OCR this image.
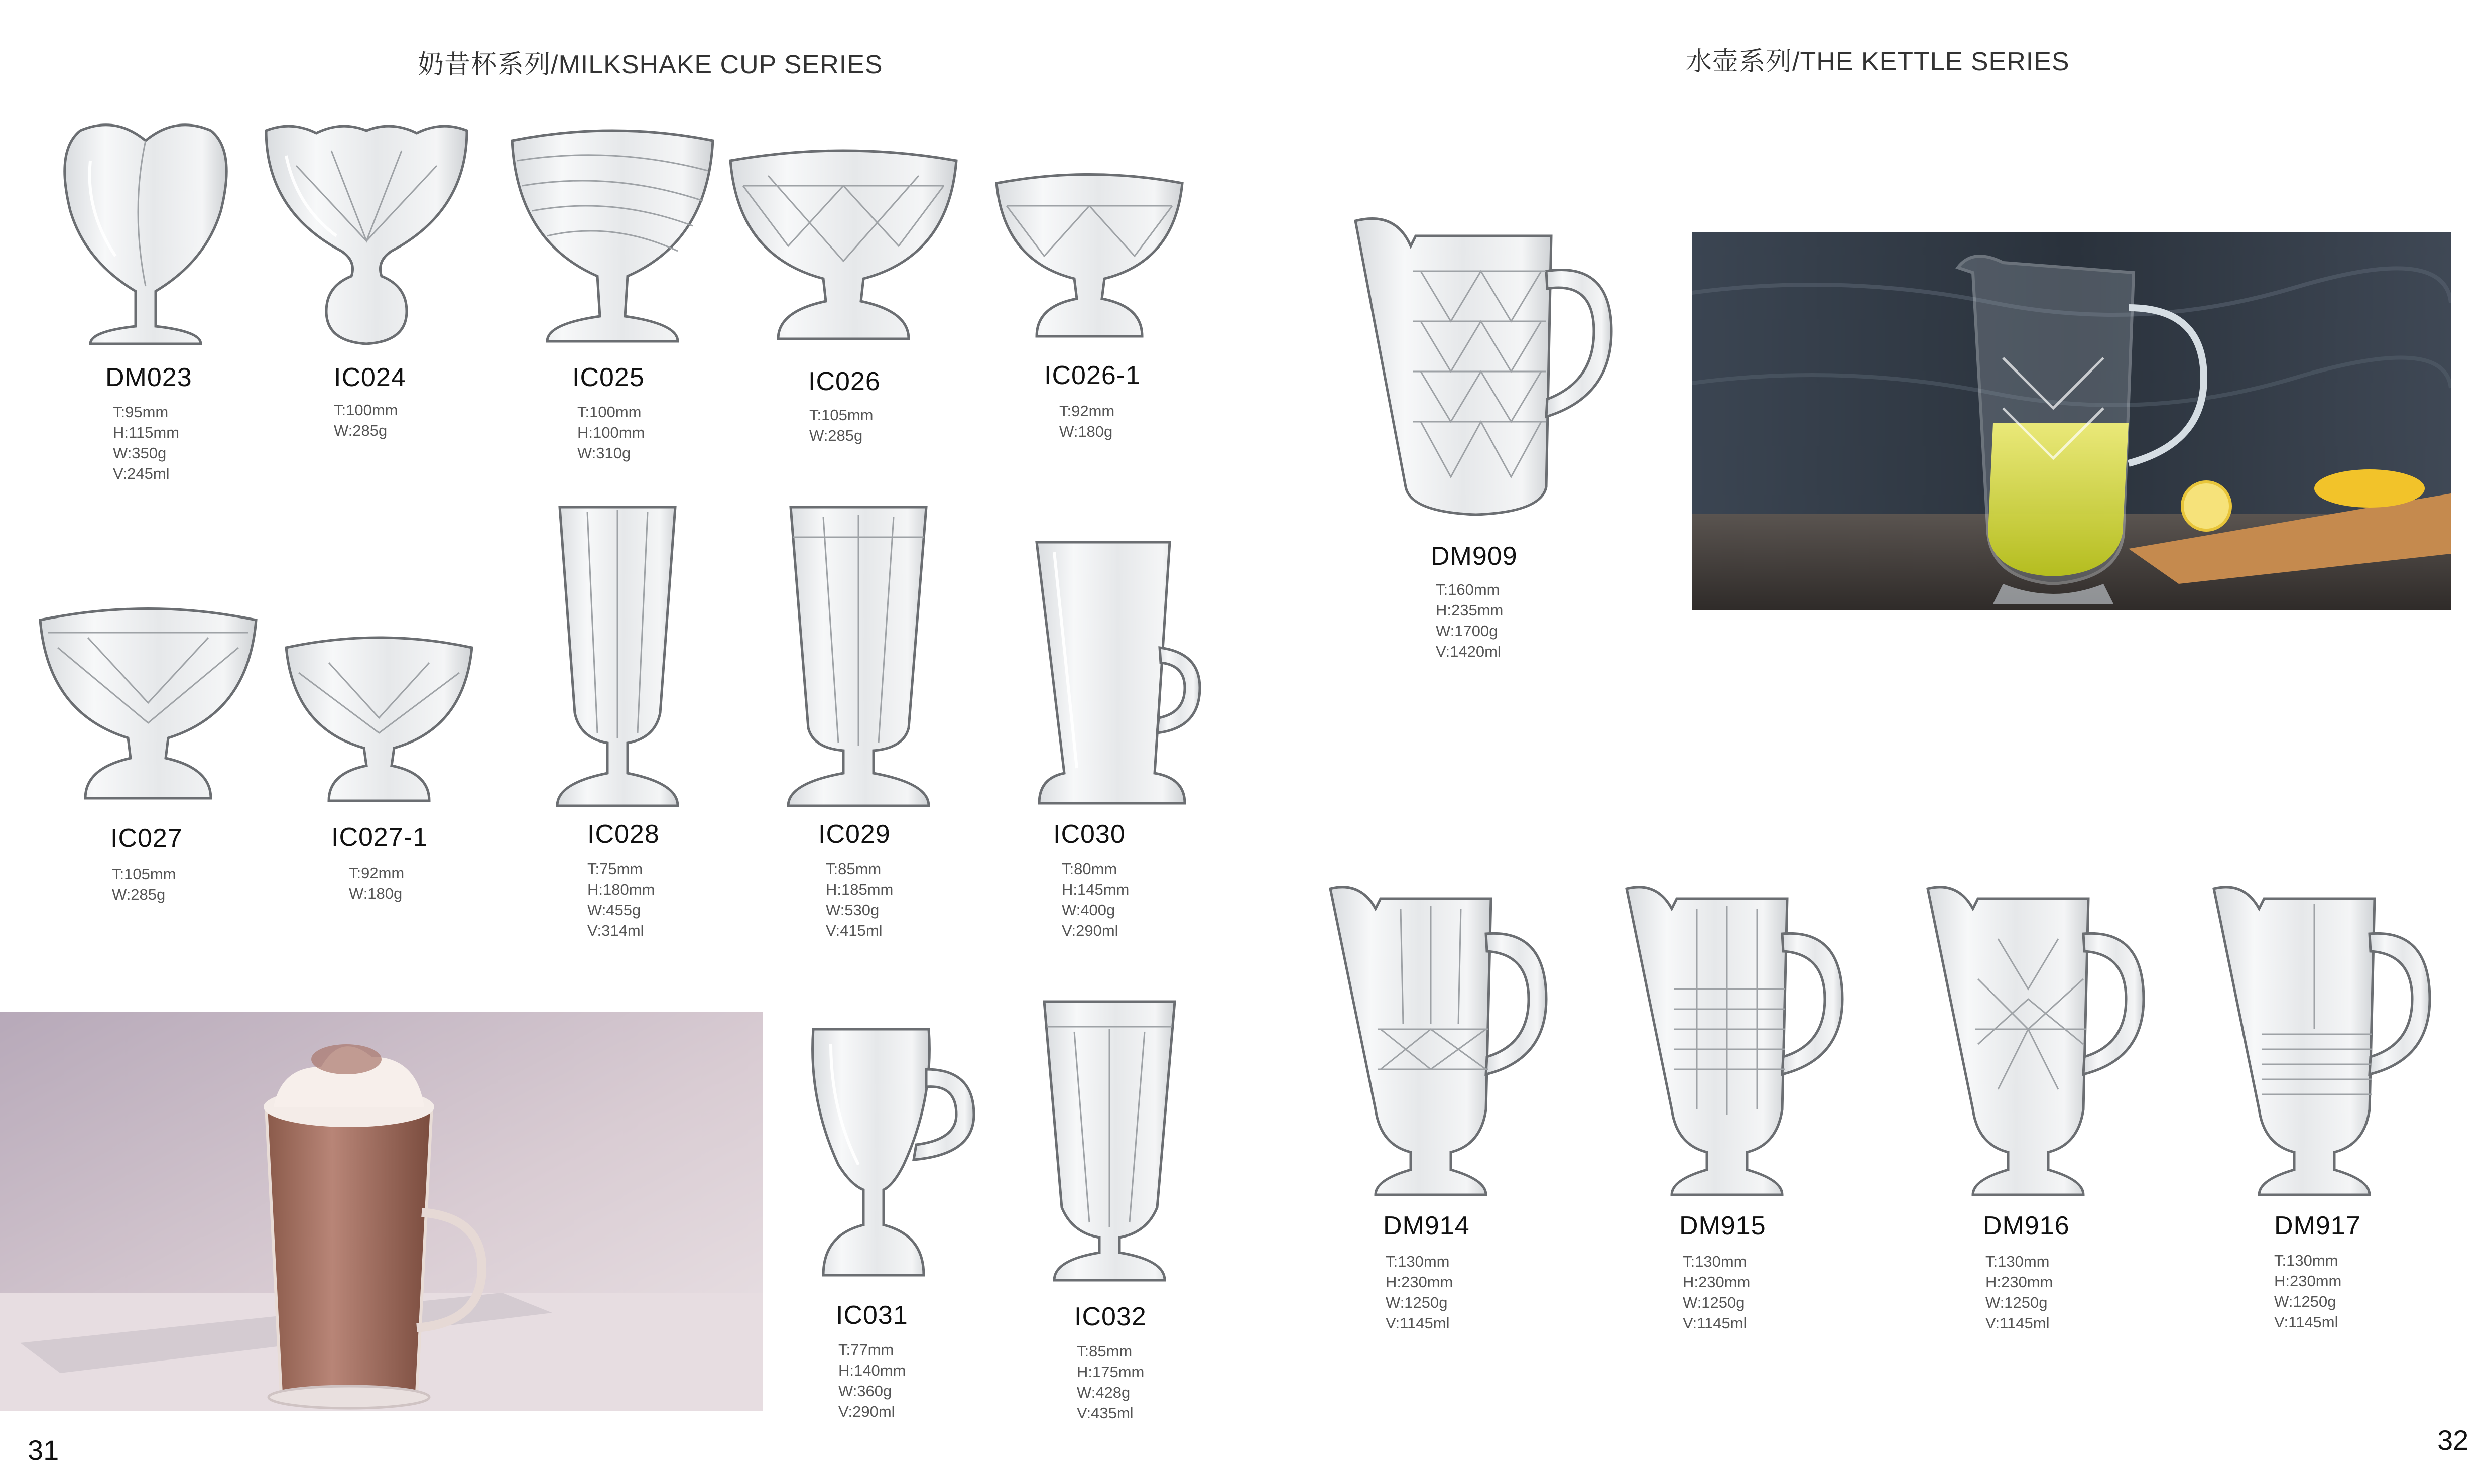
奶昔杯系列/MILKSHAKE CUP SERIES
DM023
T:95mm
H:115mm
W:350g
V:245ml
IC024
T:100mm
W:285g
IC025
T:100mm
H:100mm
W:310g
IC026
T:105mm
W:285g
IC026-1
T:92mm
W:180g
IC027
T:105mm
W:285g
IC027-1
T:92mm
W:180g
IC028
T:75mm
H:180mm
W:455g
V:314ml
IC029
T:85mm
H:185mm
W:530g
V:415ml
IC030
T:80mm
H:145mm
W:400g
V:290ml
IC031
T:77mm
H:140mm
W:360g
V:290ml
IC032
T:85mm
H:175mm
W:428g
V:435ml
31
水壶系列/THE KETTLE SERIES
DM909
T:160mm
H:235mm
W:1700g
V:1420ml
DM914
T:130mm
H:230mm
W:1250g
V:1145ml
DM915
T:130mm
H:230mm
W:1250g
V:1145ml
DM916
T:130mm
H:230mm
W:1250g
V:1145ml
DM917
T:130mm
H:230mm
W:1250g
V:1145ml
32
